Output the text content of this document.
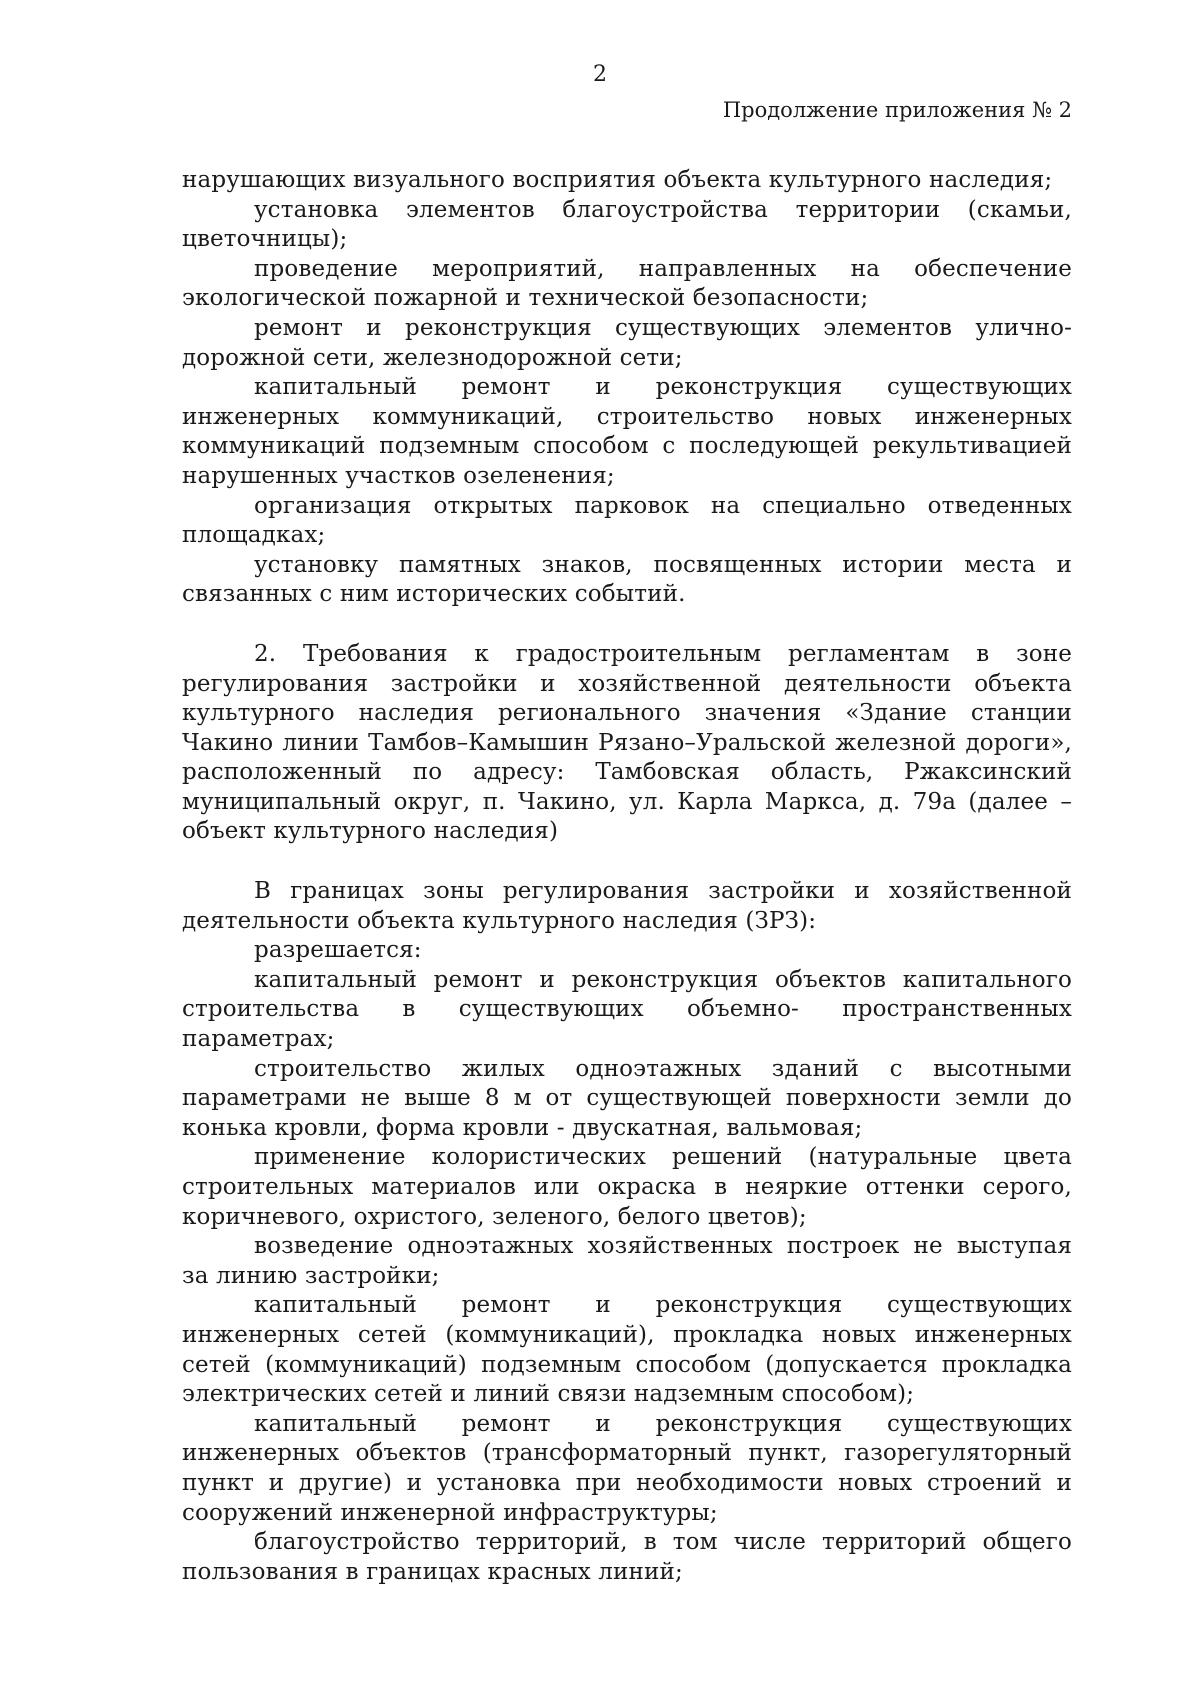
2
Продолжение приложения № 2

нарушающих визуального восприятия объекта культурного наследия;

установка элементов благоустройства территории (скамьи, цветочницы);

проведение мероприятий, направленных на обеспечение экологической пожарной и технической безопасности;

ремонт и реконструкция существующих элементов улично-дорожной сети, железнодорожной сети;

капитальный ремонт и реконструкция существующих инженерных коммуникаций, строительство новых инженерных коммуникаций подземным способом с последующей рекультивацией нарушенных участков озеленения;

организация открытых парковок на специально отведенных площадках;

установку памятных знаков, посвященных истории места и связанных с ним исторических событий.

2. Требования к градостроительным регламентам в зоне регулирования застройки и хозяйственной деятельности объекта культурного наследия регионального значения «Здание станции Чакино линии Тамбов–Камышин Рязано–Уральской железной дороги», расположенный по адресу: Тамбовская область, Ржаксинский муниципальный округ, п. Чакино, ул. Карла Маркса, д. 79а (далее – объект культурного наследия)

В границах зоны регулирования застройки и хозяйственной деятельности объекта культурного наследия (ЗРЗ):

разрешается:

капитальный ремонт и реконструкция объектов капитального строительства в существующих объемно- пространственных параметрах;

строительство жилых одноэтажных зданий с высотными параметрами не выше 8 м от существующей поверхности земли до конька кровли, форма кровли - двускатная, вальмовая;

применение колористических решений (натуральные цвета строительных материалов или окраска в неяркие оттенки серого, коричневого, охристого, зеленого, белого цветов);

возведение одноэтажных хозяйственных построек не выступая за линию застройки;

капитальный ремонт и реконструкция существующих инженерных сетей (коммуникаций), прокладка новых инженерных сетей (коммуникаций) подземным способом (допускается прокладка электрических сетей и линий связи надземным способом);

капитальный ремонт и реконструкция существующих инженерных объектов (трансформаторный пункт, газорегуляторный пункт и другие) и установка при необходимости новых строений и сооружений инженерной инфраструктуры;

благоустройство территорий, в том числе территорий общего пользования в границах красных линий;
